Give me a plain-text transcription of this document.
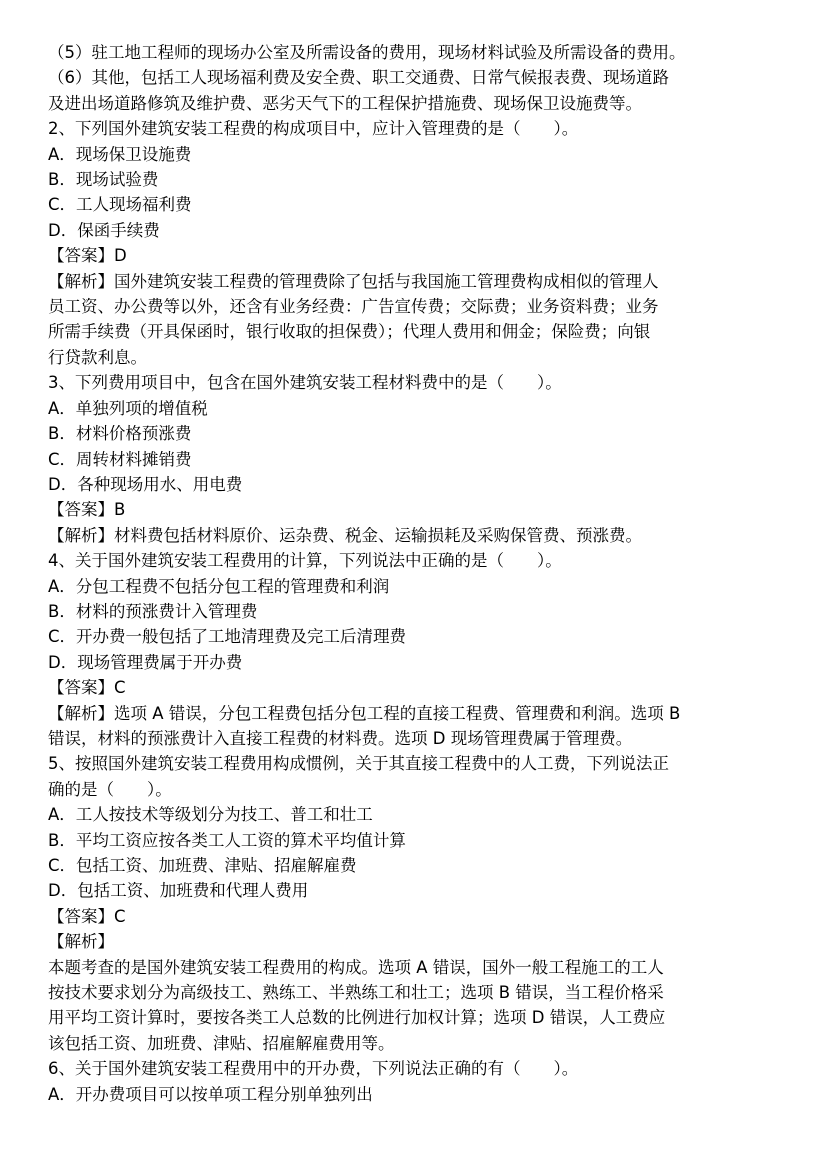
（5）驻工地工程师的现场办公室及所需设备的费用，现场材料试验及所需设备的费用。
（6）其他，包括工人现场福利费及安全费、职工交通费、日常气候报表费、现场道路
及进出场道路修筑及维护费、恶劣天气下的工程保护措施费、现场保卫设施费等。
2、下列国外建筑安装工程费的构成项目中，应计入管理费的是（　　）。
A．现场保卫设施费
B．现场试验费
C．工人现场福利费
D．保函手续费
【答案】D
【解析】国外建筑安装工程费的管理费除了包括与我国施工管理费构成相似的管理人
员工资、办公费等以外，还含有业务经费：广告宣传费；交际费；业务资料费；业务
所需手续费（开具保函时，银行收取的担保费）；代理人费用和佣金；保险费；向银
行贷款利息。
3、下列费用项目中，包含在国外建筑安装工程材料费中的是（　　）。
A．单独列项的增值税
B．材料价格预涨费
C．周转材料摊销费
D．各种现场用水、用电费
【答案】B
【解析】材料费包括材料原价、运杂费、税金、运输损耗及采购保管费、预涨费。
4、关于国外建筑安装工程费用的计算，下列说法中正确的是（　　）。
A．分包工程费不包括分包工程的管理费和利润
B．材料的预涨费计入管理费
C．开办费一般包括了工地清理费及完工后清理费
D．现场管理费属于开办费
【答案】C
【解析】选项 A 错误，分包工程费包括分包工程的直接工程费、管理费和利润。选项 B
错误，材料的预涨费计入直接工程费的材料费。选项 D 现场管理费属于管理费。
5、按照国外建筑安装工程费用构成惯例，关于其直接工程费中的人工费，下列说法正
确的是（　　）。
A．工人按技术等级划分为技工、普工和壮工
B．平均工资应按各类工人工资的算术平均值计算
C．包括工资、加班费、津贴、招雇解雇费
D．包括工资、加班费和代理人费用
【答案】C
【解析】
本题考查的是国外建筑安装工程费用的构成。选项 A 错误，国外一般工程施工的工人
按技术要求划分为高级技工、熟练工、半熟练工和壮工；选项 B 错误，当工程价格采
用平均工资计算时，要按各类工人总数的比例进行加权计算；选项 D 错误，人工费应
该包括工资、加班费、津贴、招雇解雇费用等。
6、关于国外建筑安装工程费用中的开办费，下列说法正确的有（　　）。
A．开办费项目可以按单项工程分别单独列出
